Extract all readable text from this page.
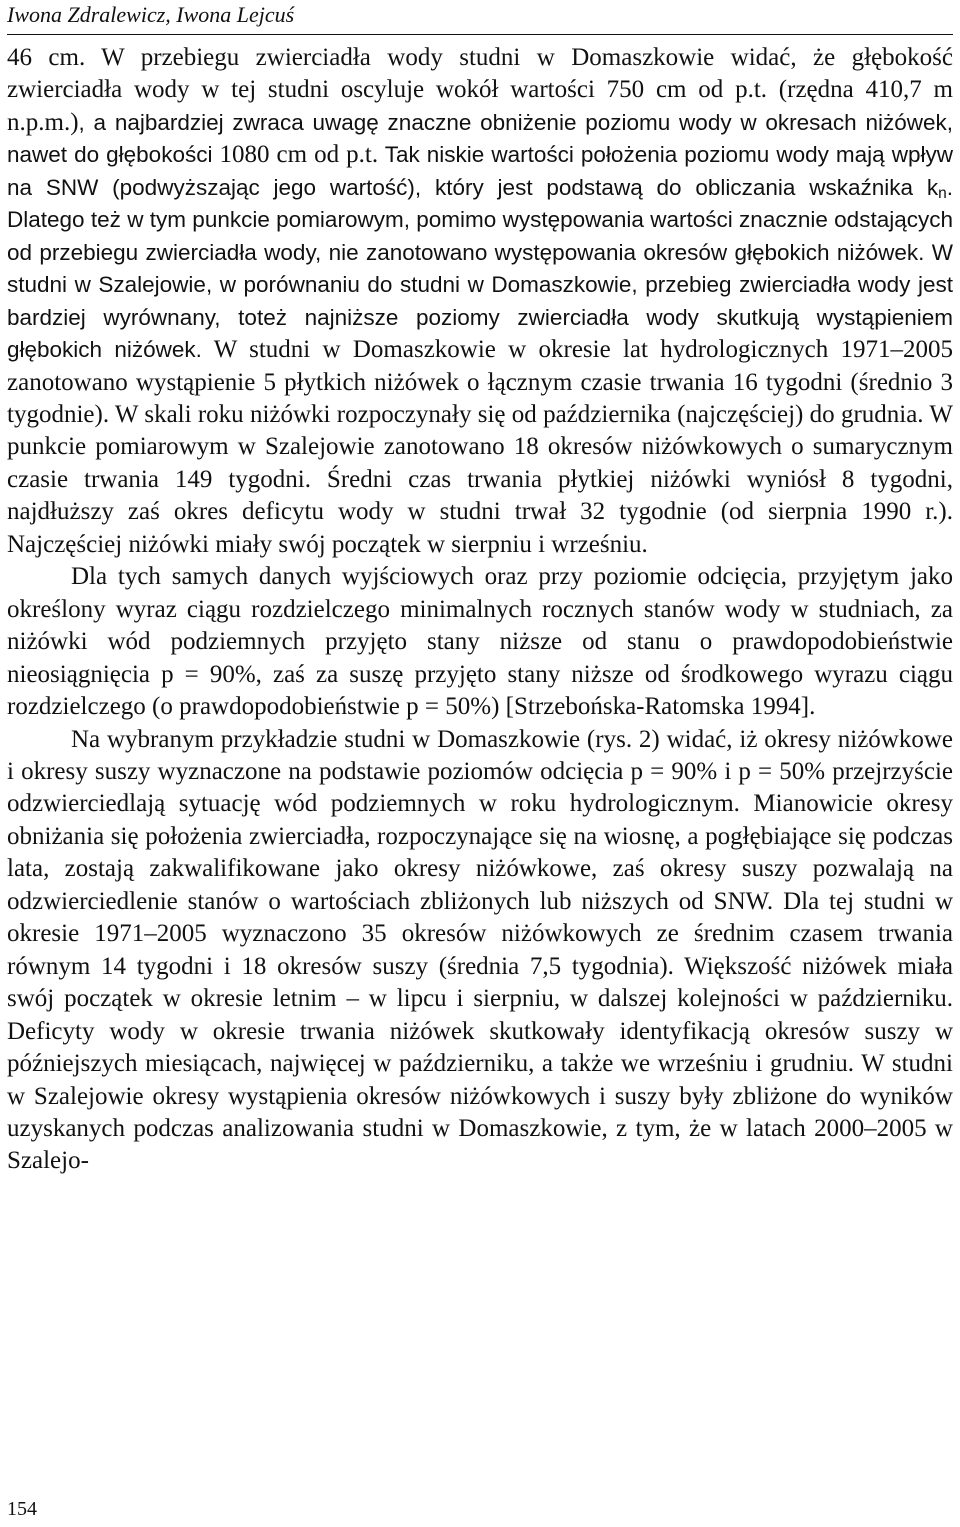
Iwona Zdralewicz, Iwona Lejcuś

46 cm. W przebiegu zwierciadła wody studni w Domaszkowie widać, że głębokość zwierciadła wody w tej studni oscyluje wokół wartości 750 cm od p.t. (rzędna 410,7 m n.p.m.), a najbardziej zwraca uwagę znaczne obniżenie poziomu wody w okresach niżówek, nawet do głębokości 1080 cm od p.t. Tak niskie wartości położenia poziomu wody mają wpływ na SNW (podwyższając jego wartość), który jest podstawą do obliczania wskaźnika kn. Dlatego też w tym punkcie pomiarowym, pomimo występowania wartości znacznie odstających od przebiegu zwierciadła wody, nie zanotowano występowania okresów głębokich niżówek. W studni w Szalejowie, w porównaniu do studni w Domaszkowie, przebieg zwierciadła wody jest bardziej wyrównany, toteż najniższe poziomy zwierciadła wody skutkują wystąpieniem głębokich niżówek. W studni w Domaszkowie w okresie lat hydrologicznych 1971–2005 zanotowano wystąpienie 5 płytkich niżówek o łącznym czasie trwania 16 tygodni (średnio 3 tygodnie). W skali roku niżówki rozpoczynały się od października (najczęściej) do grudnia. W punkcie pomiarowym w Szalejowie zanotowano 18 okresów niżówkowych o sumarycznym czasie trwania 149 tygodni. Średni czas trwania płytkiej niżówki wyniósł 8 tygodni, najdłuższy zaś okres deficytu wody w studni trwał 32 tygodnie (od sierpnia 1990 r.). Najczęściej niżówki miały swój początek w sierpniu i wrześniu.

Dla tych samych danych wyjściowych oraz przy poziomie odcięcia, przyjętym jako określony wyraz ciągu rozdzielczego minimalnych rocznych stanów wody w studniach, za niżówki wód podziemnych przyjęto stany niższe od stanu o prawdopodobieństwie nieosiągnięcia p = 90%, zaś za suszę przyjęto stany niższe od środkowego wyrazu ciągu rozdzielczego (o prawdopodobieństwie p = 50%) [Strzebońska-Ratomska 1994].

Na wybranym przykładzie studni w Domaszkowie (rys. 2) widać, iż okresy niżówkowe i okresy suszy wyznaczone na podstawie poziomów odcięcia p = 90% i p = 50% przejrzyście odzwierciedlają sytuację wód podziemnych w roku hydrologicznym. Mianowicie okresy obniżania się położenia zwierciadła, rozpoczynające się na wiosnę, a pogłębiające się podczas lata, zostają zakwalifikowane jako okresy niżówkowe, zaś okresy suszy pozwalają na odzwierciedlenie stanów o wartościach zbliżonych lub niższych od SNW. Dla tej studni w okresie 1971–2005 wyznaczono 35 okresów niżówkowych ze średnim czasem trwania równym 14 tygodni i 18 okresów suszy (średnia 7,5 tygodnia). Większość niżówek miała swój początek w okresie letnim – w lipcu i sierpniu, w dalszej kolejności w październiku. Deficyty wody w okresie trwania niżówek skutkowały identyfikacją okresów suszy w późniejszych miesiącach, najwięcej w październiku, a także we wrześniu i grudniu. W studni w Szalejowie okresy wystąpienia okresów niżówkowych i suszy były zbliżone do wyników uzyskanych podczas analizowania studni w Domaszkowie, z tym, że w latach 2000–2005 w Szalejo-

154
